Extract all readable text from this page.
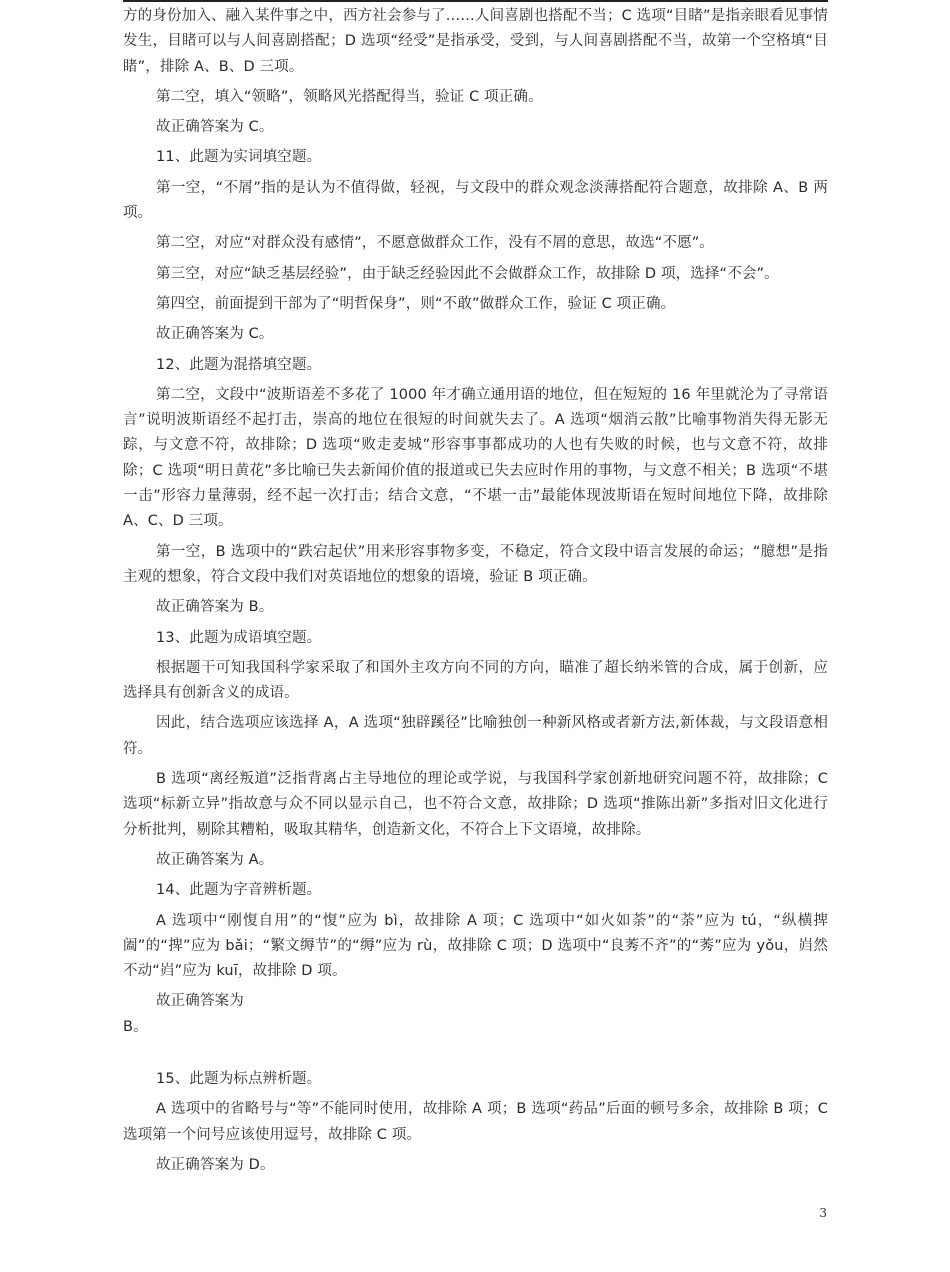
方的身份加入、融入某件事之中，西方社会参与了……人间喜剧也搭配不当；C 选项“目睹”是指亲眼看见事情发生，目睹可以与人间喜剧搭配；D 选项“经受”是指承受，受到，与人间喜剧搭配不当，故第一个空格填“目睹”，排除 A、B、D 三项。

第二空，填入“领略”，领略风光搭配得当，验证 C 项正确。

故正确答案为 C。

11、此题为实词填空题。

第一空，“不屑”指的是认为不值得做，轻视，与文段中的群众观念淡薄搭配符合题意，故排除 A、B 两项。

第二空，对应“对群众没有感情”，不愿意做群众工作，没有不屑的意思，故选“不愿”。

第三空，对应“缺乏基层经验”，由于缺乏经验因此不会做群众工作，故排除 D 项，选择“不会”。

第四空，前面提到干部为了“明哲保身”，则“不敢”做群众工作，验证 C 项正确。

故正确答案为 C。

12、此题为混搭填空题。

第二空，文段中“波斯语差不多花了 1000 年才确立通用语的地位，但在短短的 16 年里就沦为了寻常语言”说明波斯语经不起打击，崇高的地位在很短的时间就失去了。A 选项“烟消云散”比喻事物消失得无影无踪，与文意不符，故排除；D 选项“败走麦城”形容事事都成功的人也有失败的时候，也与文意不符，故排除；C 选项“明日黄花”多比喻已失去新闻价值的报道或已失去应时作用的事物，与文意不相关；B 选项“不堪一击”形容力量薄弱，经不起一次打击；结合文意，“不堪一击”最能体现波斯语在短时间地位下降，故排除 A、C、D 三项。

第一空，B 选项中的“跌宕起伏”用来形容事物多变，不稳定，符合文段中语言发展的命运；“臆想”是指主观的想象，符合文段中我们对英语地位的想象的语境，验证 B 项正确。

故正确答案为 B。

13、此题为成语填空题。

根据题干可知我国科学家采取了和国外主攻方向不同的方向，瞄准了超长纳米管的合成，属于创新，应选择具有创新含义的成语。

因此，结合选项应该选择 A，A 选项“独辟蹊径”比喻独创一种新风格或者新方法,新体裁，与文段语意相符。

B 选项“离经叛道”泛指背离占主导地位的理论或学说，与我国科学家创新地研究问题不符，故排除；C 选项“标新立异”指故意与众不同以显示自己，也不符合文意，故排除；D 选项“推陈出新”多指对旧文化进行分析批判，剔除其糟粕，吸取其精华，创造新文化，不符合上下文语境，故排除。

故正确答案为 A。

14、此题为字音辨析题。

A 选项中“刚愎自用”的“愎”应为 bì，故排除 A 项；C 选项中“如火如荼”的“荼”应为 tú，“纵横捭阖”的“捭”应为 bǎi；“繁文缛节”的“缛”应为 rù，故排除 C 项；D 选项中“良莠不齐”的“莠”应为 yǒu，岿然不动“岿”应为 kuī，故排除 D 项。

故正确答案为

B。

15、此题为标点辨析题。

A 选项中的省略号与“等”不能同时使用，故排除 A 项；B 选项“药品”后面的顿号多余，故排除 B 项；C 选项第一个问号应该使用逗号，故排除 C 项。

故正确答案为 D。

3
